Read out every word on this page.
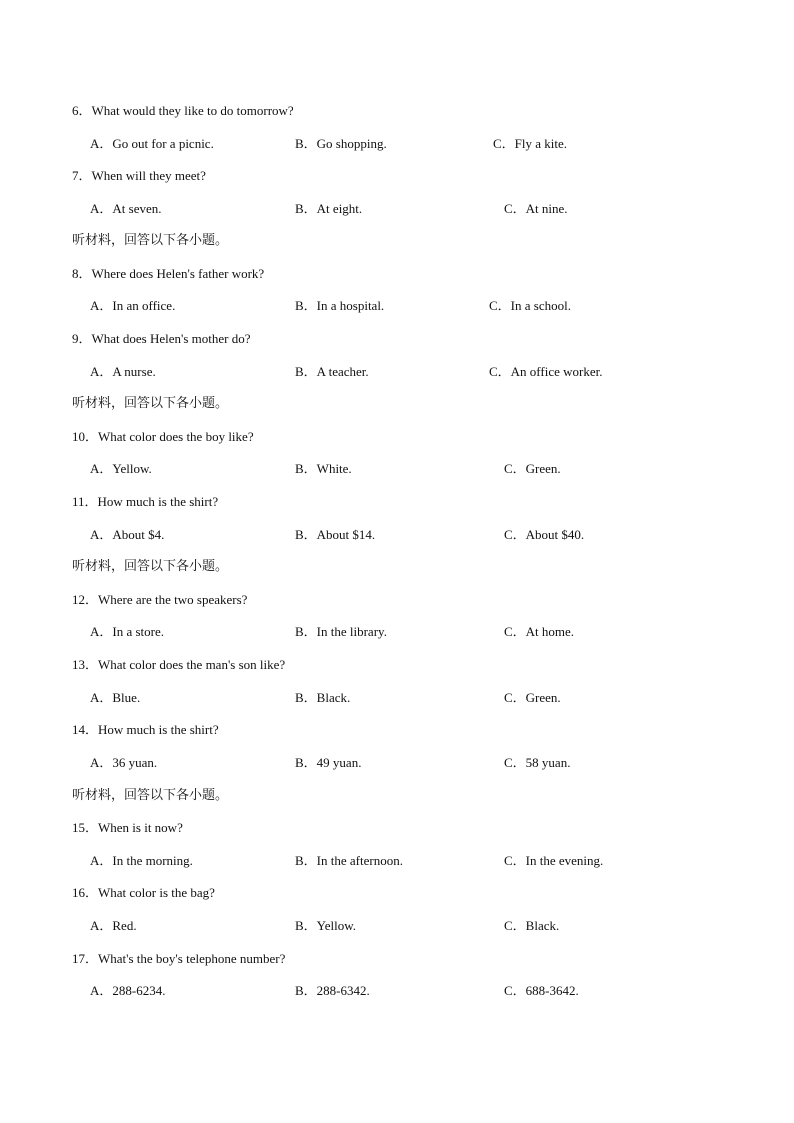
6．What would they like to do tomorrow?
A．Go out for a picnic.	B．Go shopping.	C．Fly a kite.
7．When will they meet?
A．At seven.	B．At eight.	C．At nine.
听材料，回答以下各小题。
8．Where does Helen's father work?
A．In an office.	B．In a hospital.	C．In a school.
9．What does Helen's mother do?
A．A nurse.	B．A teacher.	C．An office worker.
听材料，回答以下各小题。
10．What color does the boy like?
A．Yellow.	B．White.	C．Green.
11．How much is the shirt?
A．About $4.	B．About $14.	C．About $40.
听材料，回答以下各小题。
12．Where are the two speakers?
A．In a store.	B．In the library.	C．At home.
13．What color does the man's son like?
A．Blue.	B．Black.	C．Green.
14．How much is the shirt?
A．36 yuan.	B．49 yuan.	C．58 yuan.
听材料，回答以下各小题。
15．When is it now?
A．In the morning.	B．In the afternoon.	C．In the evening.
16．What color is the bag?
A．Red.	B．Yellow.	C．Black.
17．What's the boy's telephone number?
A．288-6234.	B．288-6342.	C．688-3642.
